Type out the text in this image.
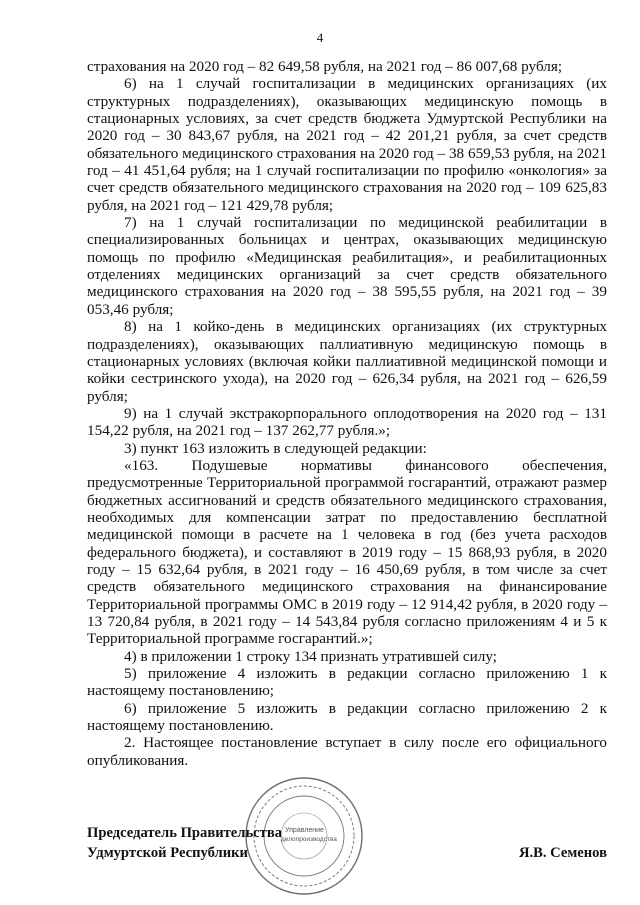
4

страхования на 2020 год – 82 649,58 рубля, на 2021 год – 86 007,68 рубля;

6) на 1 случай госпитализации в медицинских организациях (их структурных подразделениях), оказывающих медицинскую помощь в стационарных условиях, за счет средств бюджета Удмуртской Республики на 2020 год – 30 843,67 рубля, на 2021 год – 42 201,21 рубля, за счет средств обязательного медицинского страхования на 2020 год – 38 659,53 рубля, на 2021 год – 41 451,64 рубля; на 1 случай госпитализации по профилю «онкология» за счет средств обязательного медицинского страхования на 2020 год – 109 625,83 рубля, на 2021 год – 121 429,78 рубля;

7) на 1 случай госпитализации по медицинской реабилитации в специализированных больницах и центрах, оказывающих медицинскую помощь по профилю «Медицинская реабилитация», и реабилитационных отделениях медицинских организаций за счет средств обязательного медицинского страхования на 2020 год – 38 595,55 рубля, на 2021 год – 39 053,46 рубля;

8) на 1 койко-день в медицинских организациях (их структурных подразделениях), оказывающих паллиативную медицинскую помощь в стационарных условиях (включая койки паллиативной медицинской помощи и койки сестринского ухода), на 2020 год – 626,34 рубля, на 2021 год – 626,59 рубля;

9) на 1 случай экстракорпорального оплодотворения на 2020 год – 131 154,22 рубля, на 2021 год – 137 262,77 рубля.»;

3) пункт 163 изложить в следующей редакции:

«163. Подушевые нормативы финансового обеспечения, предусмотренные Территориальной программой госгарантий, отражают размер бюджетных ассигнований и средств обязательного медицинского страхования, необходимых для компенсации затрат по предоставлению бесплатной медицинской помощи в расчете на 1 человека в год (без учета расходов федерального бюджета), и составляют в 2019 году – 15 868,93 рубля, в 2020 году – 15 632,64 рубля, в 2021 году – 16 450,69 рубля, в том числе за счет средств обязательного медицинского страхования на финансирование Территориальной программы ОМС в 2019 году – 12 914,42 рубля, в 2020 году – 13 720,84 рубля, в 2021 году – 14 543,84 рубля согласно приложениям 4 и 5 к Территориальной программе госгарантий.»;

4) в приложении 1 строку 134 признать утратившей силу;

5) приложение 4 изложить в редакции согласно приложению 1 к настоящему постановлению;

6) приложение 5 изложить в редакции согласно приложению 2 к настоящему постановлению.

2. Настоящее постановление вступает в силу после его официального опубликования.

Управление
делопроизводства
Председатель Правительства
Удмуртской Республики	Я.В. Семенов
